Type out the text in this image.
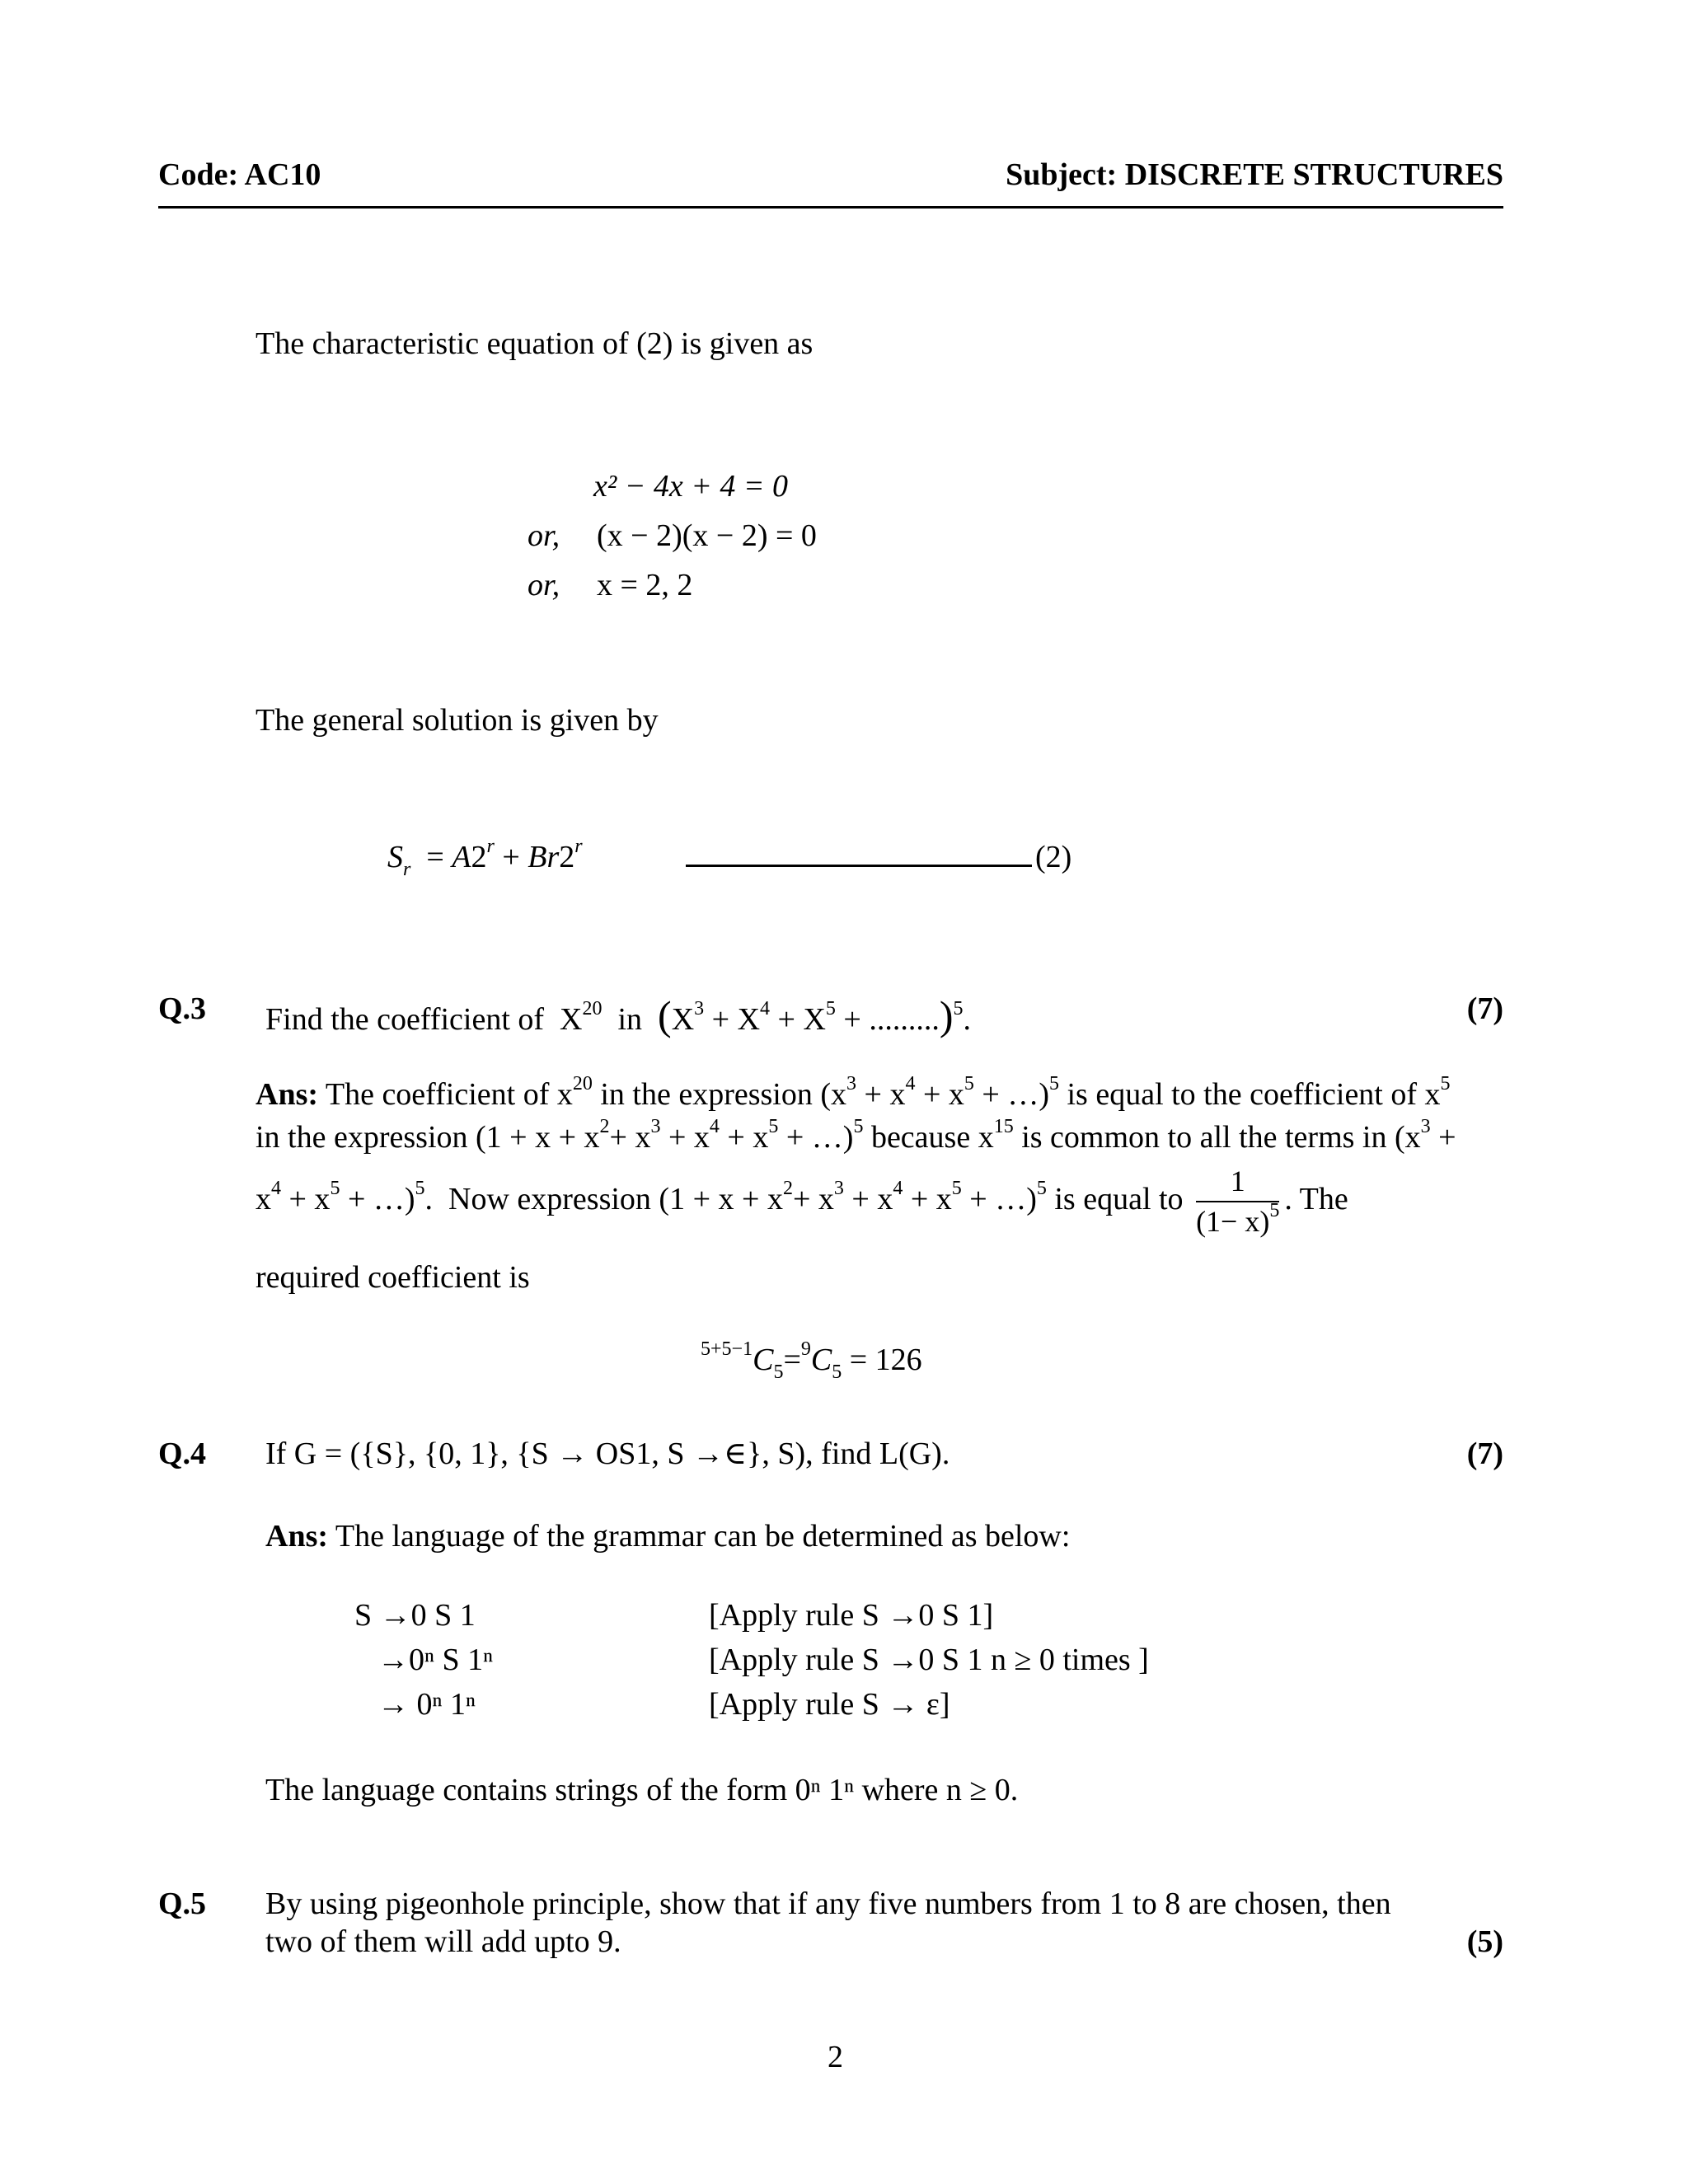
Code: AC10	Subject: DISCRETE STRUCTURES
The characteristic equation of (2) is given as
x² − 4x + 4 = 0
or, (x − 2)(x − 2) = 0
or, x = 2, 2
The general solution is given by
$S_r = A2^r + Br2^r$	(2)
Q.3 Find the coefficient of  $X^{20}$ in $(X^3 + X^4 + X^5 + .........)^5$.	(7)
Ans: The coefficient of $x^{20}$ in the expression ($x^3 + x^4 + x^5$ + …)$^5$ is equal to the coefficient of $x^5$
in the expression ($1 + x + x^2+ x^3 + x^4 + x^5$ + …)$^5$ because $x^{15}$ is common to all the terms in ($x^3$ +
$x^4 + x^5$ + …)$^5$.  Now expression ($1 + x + x^2+ x^3 + x^4 + x^5$ + …)$^5$ is equal to $\frac{1}{(1- x)^5}$ . The
required coefficient is
$^{5+5-1}C_5=^9C_5 = 126$
Q.4 If G = ({S}, {0, 1}, {S → OS1, S →∈}, S), find L(G).	(7)
Ans: The language of the grammar can be determined as below:
S →0 S 1	[Apply rule S →0 S 1]
→0ⁿ S 1ⁿ	[Apply rule S →0 S 1 n ≥ 0 times ]
→ 0ⁿ 1ⁿ	[Apply rule S → ε]
The language contains strings of the form 0ⁿ 1ⁿ where n ≥ 0.
Q.5 By using pigeonhole principle, show that if any five numbers from 1 to 8 are chosen, then
two of them will add upto 9.	(5)
2
